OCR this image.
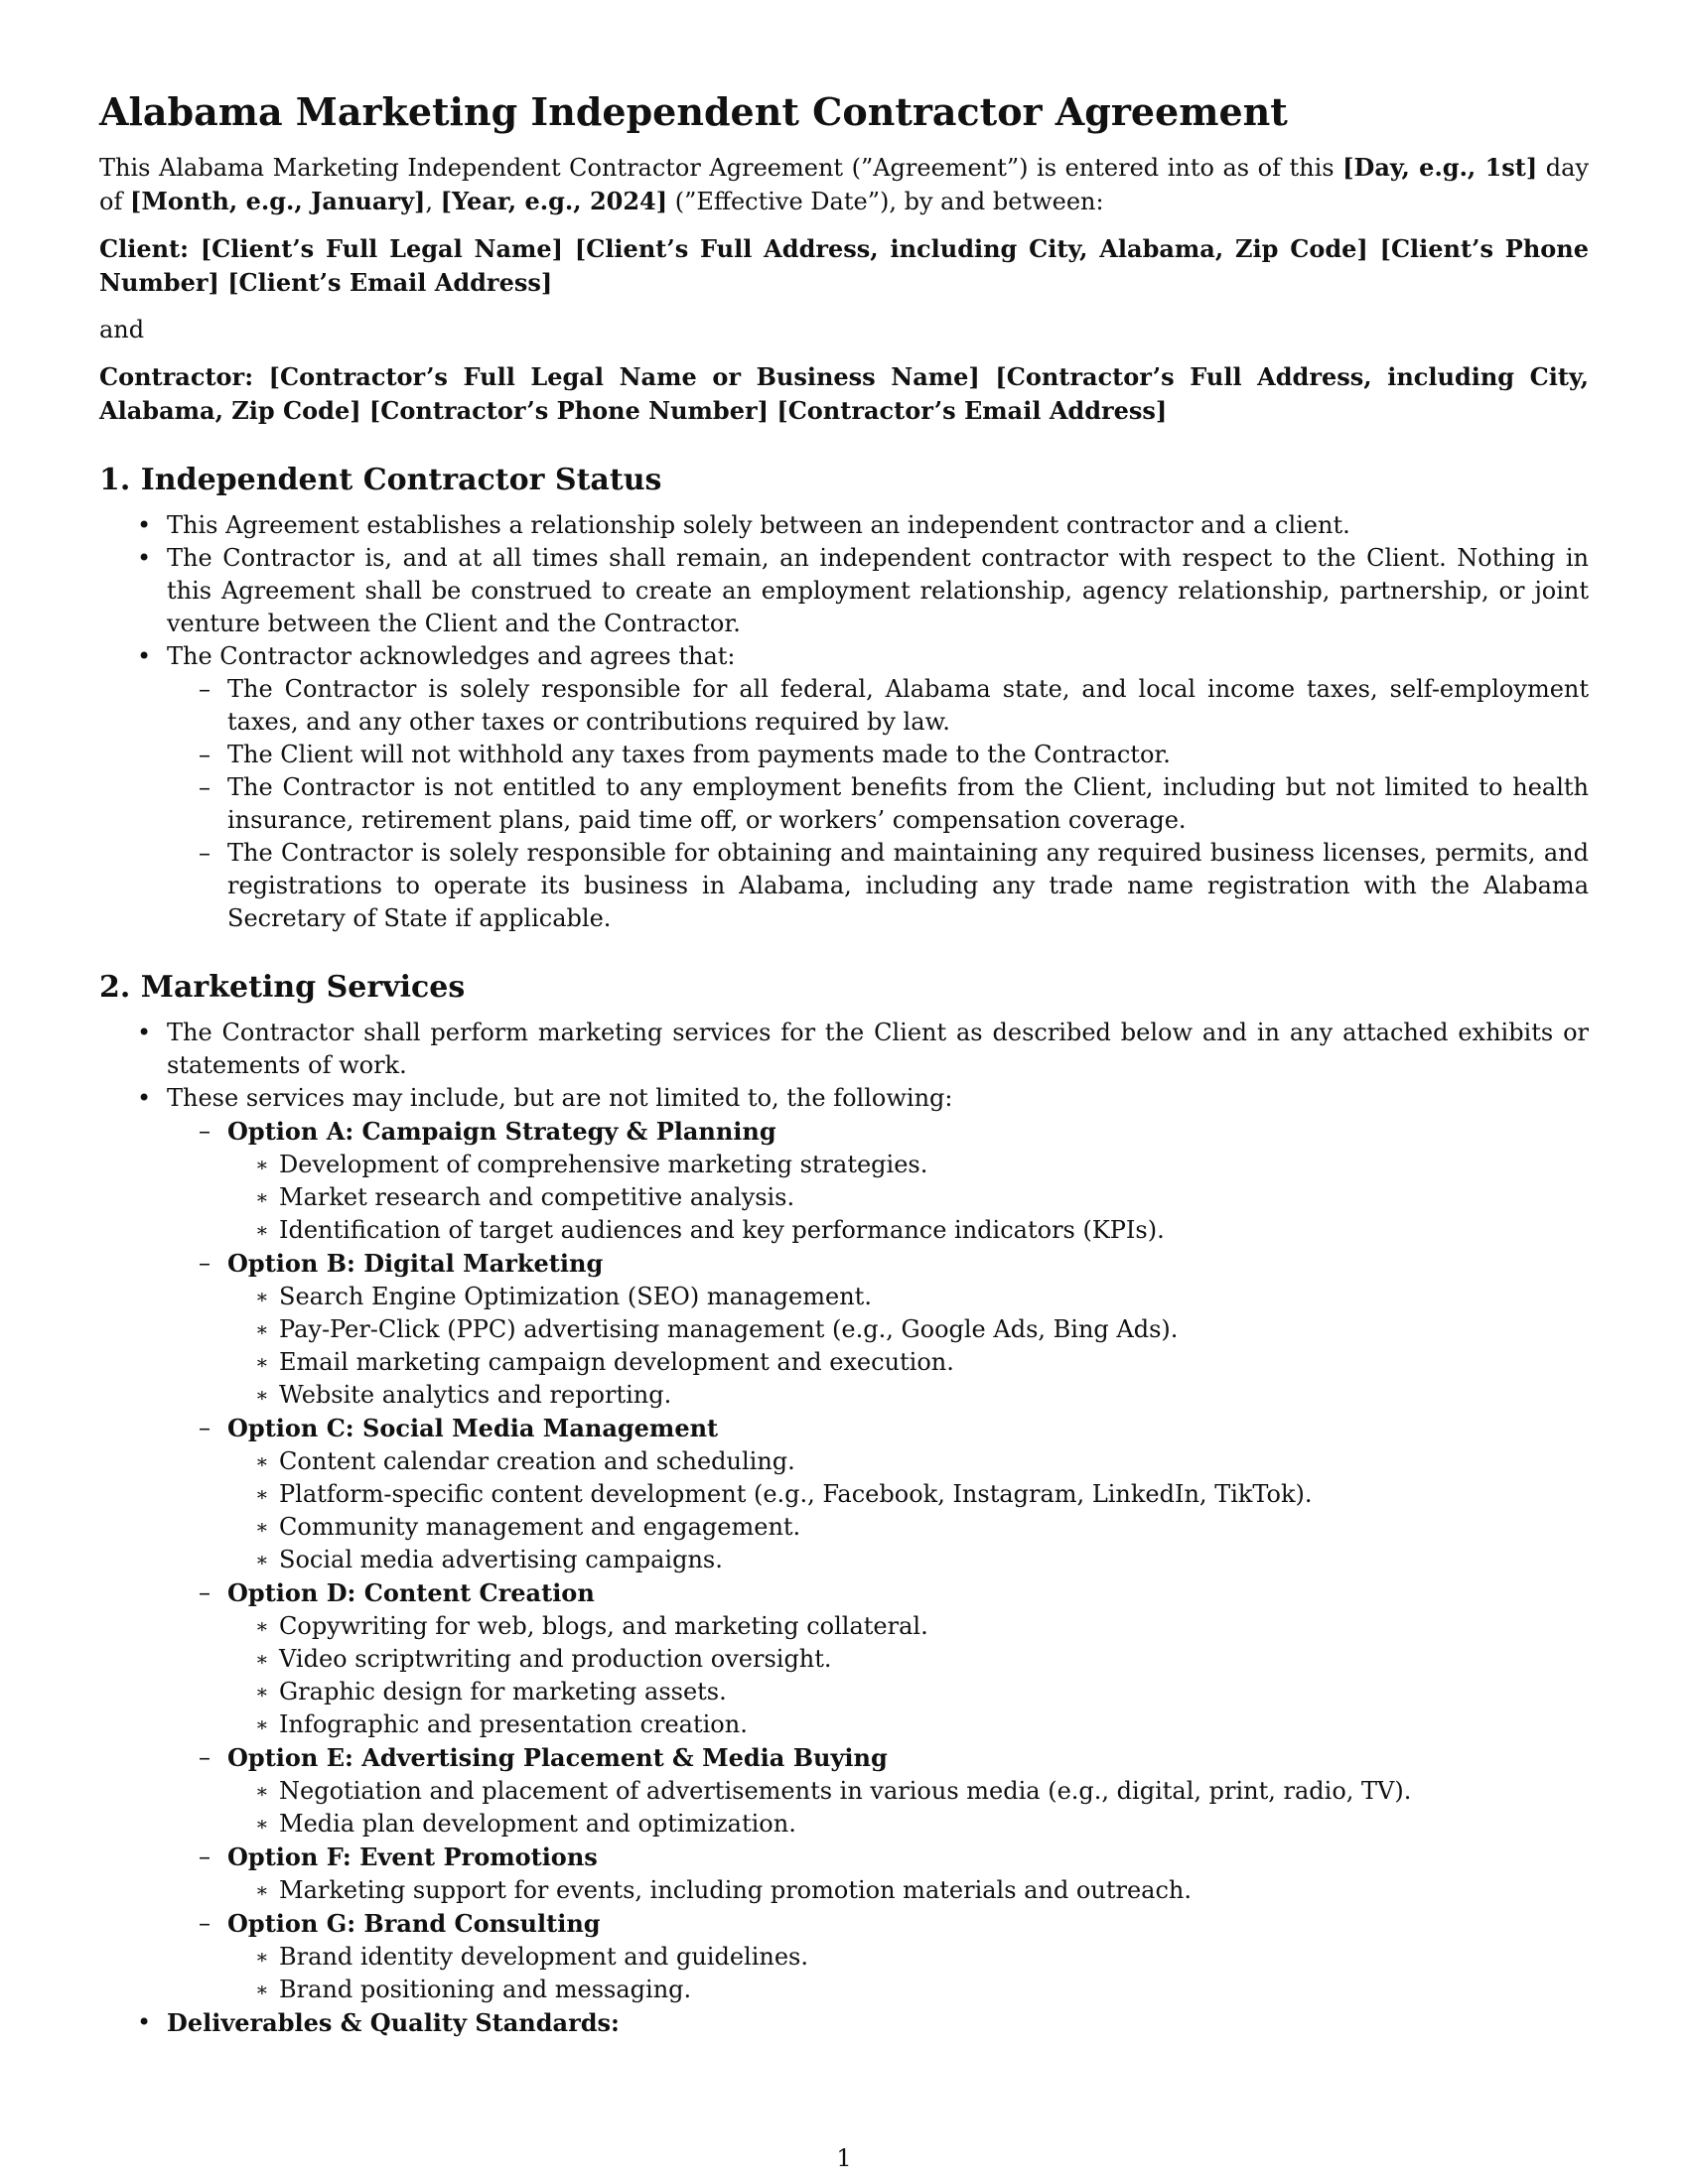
Alabama Marketing Independent Contractor Agreement

This Alabama Marketing Independent Contractor Agreement (”Agreement”) is entered into as of this [Day, e.g., 1st] day of [Month, e.g., January], [Year, e.g., 2024] (”Effective Date”), by and between:

Client: [Client’s Full Legal Name] [Client’s Full Address, including City, Alabama, Zip Code] [Client’s Phone Number] [Client’s Email Address]

and

Contractor: [Contractor’s Full Legal Name or Business Name] [Contractor’s Full Address, including City, Alabama, Zip Code] [Contractor’s Phone Number] [Contractor’s Email Address]

1. Independent Contractor Status
• This Agreement establishes a relationship solely between an independent contractor and a client.
• The Contractor is, and at all times shall remain, an independent contractor with respect to the Client. Nothing in this Agreement shall be construed to create an employment relationship, agency relationship, partnership, or joint venture between the Client and the Contractor.
• The Contractor acknowledges and agrees that:
– The Contractor is solely responsible for all federal, Alabama state, and local income taxes, self-employment taxes, and any other taxes or contributions required by law.
– The Client will not withhold any taxes from payments made to the Contractor.
– The Contractor is not entitled to any employment benefits from the Client, including but not limited to health insurance, retirement plans, paid time off, or workers’ compensation coverage.
– The Contractor is solely responsible for obtaining and maintaining any required business licenses, permits, and registrations to operate its business in Alabama, including any trade name registration with the Alabama Secretary of State if applicable.
2. Marketing Services
• The Contractor shall perform marketing services for the Client as described below and in any attached exhibits or statements of work.
• These services may include, but are not limited to, the following:
– Option A: Campaign Strategy & Planning
∗ Development of comprehensive marketing strategies.
∗ Market research and competitive analysis.
∗ Identification of target audiences and key performance indicators (KPIs).
– Option B: Digital Marketing
∗ Search Engine Optimization (SEO) management.
∗ Pay-Per-Click (PPC) advertising management (e.g., Google Ads, Bing Ads).
∗ Email marketing campaign development and execution.
∗ Website analytics and reporting.
– Option C: Social Media Management
∗ Content calendar creation and scheduling.
∗ Platform-specific content development (e.g., Facebook, Instagram, LinkedIn, TikTok).
∗ Community management and engagement.
∗ Social media advertising campaigns.
– Option D: Content Creation
∗ Copywriting for web, blogs, and marketing collateral.
∗ Video scriptwriting and production oversight.
∗ Graphic design for marketing assets.
∗ Infographic and presentation creation.
– Option E: Advertising Placement & Media Buying
∗ Negotiation and placement of advertisements in various media (e.g., digital, print, radio, TV).
∗ Media plan development and optimization.
– Option F: Event Promotions
∗ Marketing support for events, including promotion materials and outreach.
– Option G: Brand Consulting
∗ Brand identity development and guidelines.
∗ Brand positioning and messaging.
• Deliverables & Quality Standards:
1
